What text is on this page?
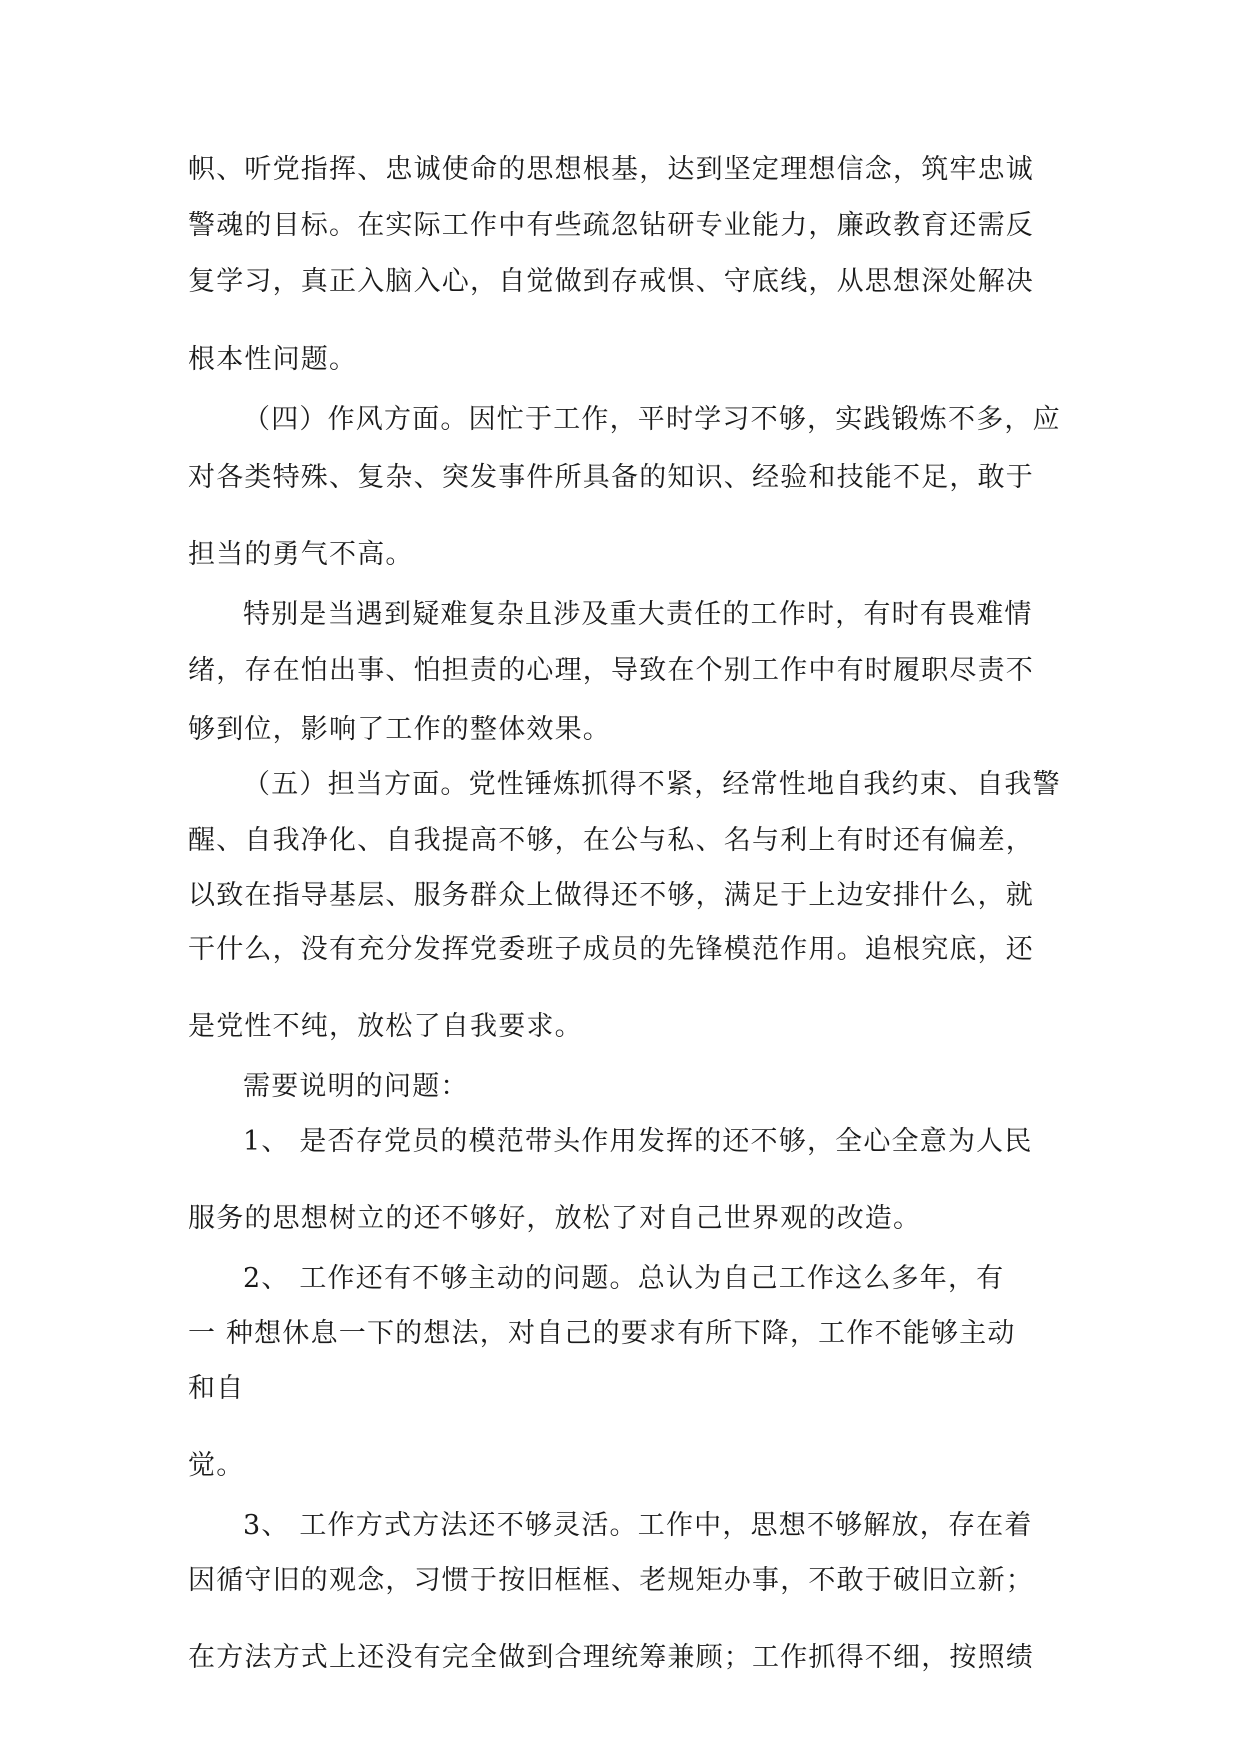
帜、听党指挥、忠诚使命的思想根基，达到坚定理想信念，筑牢忠诚
警魂的目标。在实际工作中有些疏忽钻研专业能力，廉政教育还需反
复学习，真正入脑入心，自觉做到存戒惧、守底线，从思想深处解决
根本性问题。
（四）作风方面。因忙于工作，平时学习不够，实践锻炼不多，应
对各类特殊、复杂、突发事件所具备的知识、经验和技能不足，敢于
担当的勇气不高。
特别是当遇到疑难复杂且涉及重大责任的工作时，有时有畏难情
绪，存在怕出事、怕担责的心理，导致在个别工作中有时履职尽责不
够到位，影响了工作的整体效果。
（五）担当方面。党性锤炼抓得不紧，经常性地自我约束、自我警
醒、自我净化、自我提高不够，在公与私、名与利上有时还有偏差，
以致在指导基层、服务群众上做得还不够，满足于上边安排什么，就
干什么，没有充分发挥党委班子成员的先锋模范作用。追根究底，还
是党性不纯，放松了自我要求。
需要说明的问题：
1、 是否存党员的模范带头作用发挥的还不够，全心全意为人民
服务的思想树立的还不够好，放松了对自己世界观的改造。
2、 工作还有不够主动的问题。总认为自己工作这么多年，有
一 种想休息一下的想法，对自己的要求有所下降，工作不能够主动
和自
觉。
3、 工作方式方法还不够灵活。工作中，思想不够解放，存在着
因循守旧的观念，习惯于按旧框框、老规矩办事，不敢于破旧立新；
在方法方式上还没有完全做到合理统筹兼顾；工作抓得不细，按照绩
